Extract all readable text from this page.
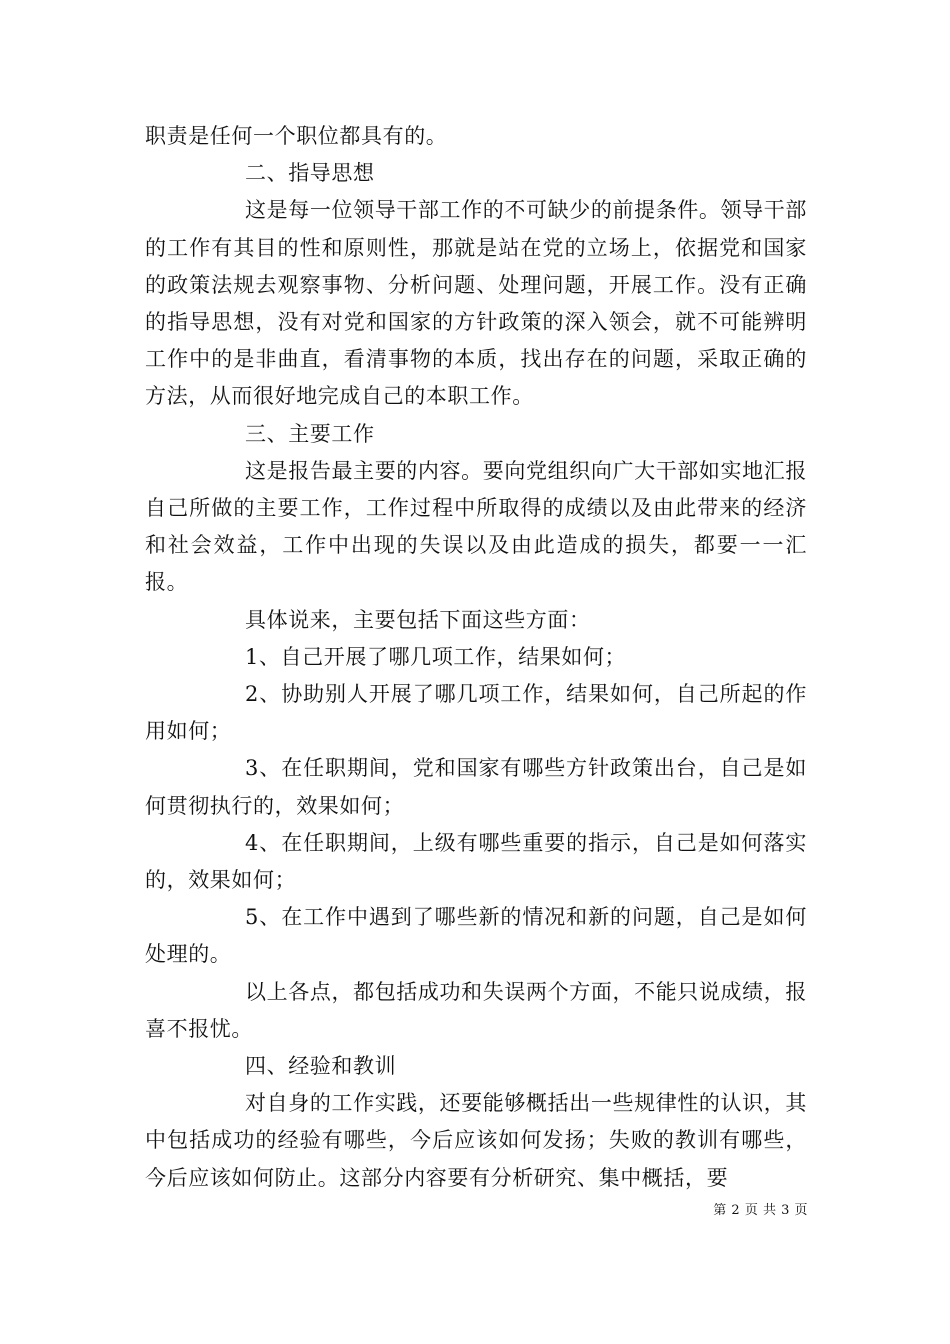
职责是任何一个职位都具有的。

二、指导思想

这是每一位领导干部工作的不可缺少的前提条件。领导干部的工作有其目的性和原则性，那就是站在党的立场上，依据党和国家的政策法规去观察事物、分析问题、处理问题，开展工作。没有正确的指导思想，没有对党和国家的方针政策的深入领会，就不可能辨明工作中的是非曲直，看清事物的本质，找出存在的问题，采取正确的方法，从而很好地完成自己的本职工作。

三、主要工作

这是报告最主要的内容。要向党组织向广大干部如实地汇报自己所做的主要工作，工作过程中所取得的成绩以及由此带来的经济和社会效益，工作中出现的失误以及由此造成的损失，都要一一汇报。

具体说来，主要包括下面这些方面：

1、自己开展了哪几项工作，结果如何；

2、协助别人开展了哪几项工作，结果如何，自己所起的作用如何；

3、在任职期间，党和国家有哪些方针政策出台，自己是如何贯彻执行的，效果如何；

4、在任职期间，上级有哪些重要的指示，自己是如何落实的，效果如何；

5、在工作中遇到了哪些新的情况和新的问题，自己是如何处理的。

以上各点，都包括成功和失误两个方面，不能只说成绩，报喜不报忧。

四、经验和教训

对自身的工作实践，还要能够概括出一些规律性的认识，其中包括成功的经验有哪些，今后应该如何发扬；失败的教训有哪些，今后应该如何防止。这部分内容要有分析研究、集中概括，要

第 2 页 共 3 页
